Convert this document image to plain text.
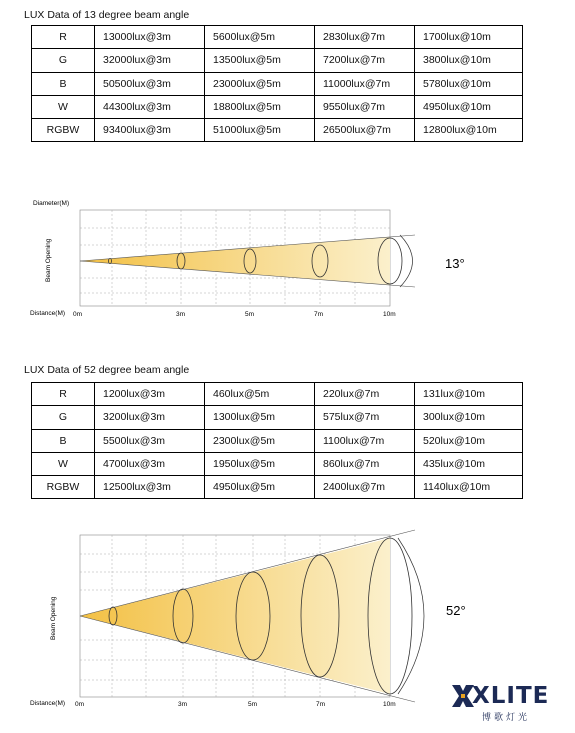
LUX Data of 13 degree beam angle
R	13000lux@3m	5600lux@5m	2830lux@7m	1700lux@10m
G	32000lux@3m	13500lux@5m	7200lux@7m	3800lux@10m
B	50500lux@3m	23000lux@5m	11000lux@7m	5780lux@10m
W	44300lux@3m	18800lux@5m	9550lux@7m	4950lux@10m
RGBW	93400lux@3m	51000lux@5m	26500lux@7m	12800lux@10m
13°
Diameter(M)
Beam Opening
Distance(M) 0m	3m	5m	7m	10m
LUX Data of 52 degree beam angle
R	1200lux@3m	460lux@5m	220lux@7m	131lux@10m
G	3200lux@3m	1300lux@5m	575lux@7m	300lux@10m
B	5500lux@3m	2300lux@5m	1100lux@7m	520lux@10m
W	4700lux@3m	1950lux@5m	860lux@7m	435lux@10m
RGBW	12500lux@3m	4950lux@5m	2400lux@7m	1140lux@10m
52°
Beam Opening
Distance(M) 0m	3m	5m	7m	10m	XLITE
博歌灯光
